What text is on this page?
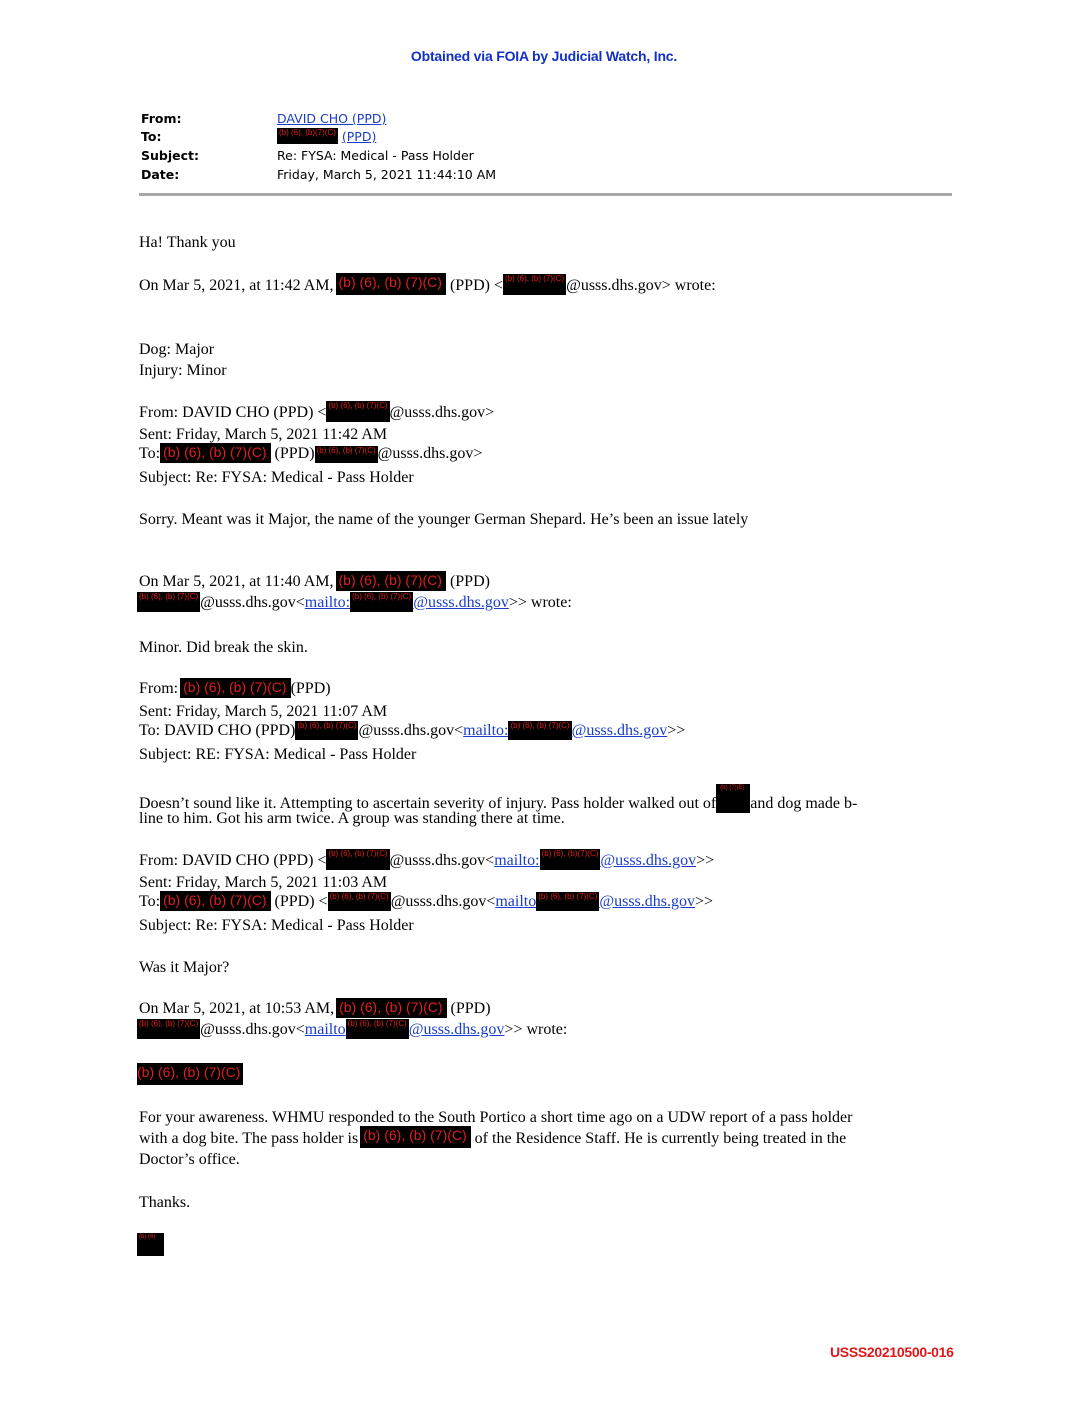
Obtained via FOIA by Judicial Watch, Inc.
From:	DAVID CHO (PPD)
To:	(b) (6), (b)(7)(C) (PPD)
Subject:	Re: FYSA: Medical - Pass Holder
Date:	Friday, March 5, 2021 11:44:10 AM
Ha! Thank you
On Mar 5, 2021, at 11:42 AM, (b) (6), (b) (7)(C) (PPD) < (b) (6), (b) (7)(C) @usss.dhs.gov> wrote:
Dog: Major
Injury: Minor
From: DAVID CHO (PPD) < (b) (6), (b) (7)(C) @usss.dhs.gov>
Sent: Friday, March 5, 2021 11:42 AM
To: (b) (6), (b) (7)(C) (PPD) (b) (6), (b) (7)(C) @usss.dhs.gov>
Subject: Re: FYSA: Medical - Pass Holder
Sorry. Meant was it Major, the name of the younger German Shepard. He’s been an issue lately
On Mar 5, 2021, at 11:40 AM, (b) (6), (b) (7)(C) (PPD)
(b) (6), (b) (7)(C) @usss.dhs.gov<mailto: (b) (6), (b) (7)(C) @usss.dhs.gov>> wrote:
Minor. Did break the skin.
From: (b) (6), (b) (7)(C) (PPD)
Sent: Friday, March 5, 2021 11:07 AM
To: DAVID CHO (PPD) (b) (6), (b) (7)(C) @usss.dhs.gov<mailto: (b) (6), (b) (7)(C) @usss.dhs.gov>>
Subject: RE: FYSA: Medical - Pass Holder
Doesn’t sound like it. Attempting to ascertain severity of injury. Pass holder walked out of(b) (7)(E)and dog made b-
line to him. Got his arm twice. A group was standing there at time.
From: DAVID CHO (PPD) < (b) (6), (b) (7)(C) @usss.dhs.gov<mailto: (b) (6), (b)(7)(C) @usss.dhs.gov>>
Sent: Friday, March 5, 2021 11:03 AM
To: (b) (6), (b) (7)(C) (PPD) < (b) (6), (b) (7)(C) @usss.dhs.gov<mailto (b) (6), (b) (7)(C) @usss.dhs.gov>>
Subject: Re: FYSA: Medical - Pass Holder
Was it Major?
On Mar 5, 2021, at 10:53 AM, (b) (6), (b) (7)(C) (PPD)
(b) (6), (b) (7)(C) @usss.dhs.gov<mailto (b) (6), (b) (7)(C) @usss.dhs.gov>> wrote:
(b) (6), (b) (7)(C)
For your awareness. WHMU responded to the South Portico a short time ago on a UDW report of a pass holder
with a dog bite. The pass holder is (b) (6), (b) (7)(C) of the Residence Staff. He is currently being treated in the
Doctor’s office.
Thanks.
(b) (6)
USSS20210500-016
